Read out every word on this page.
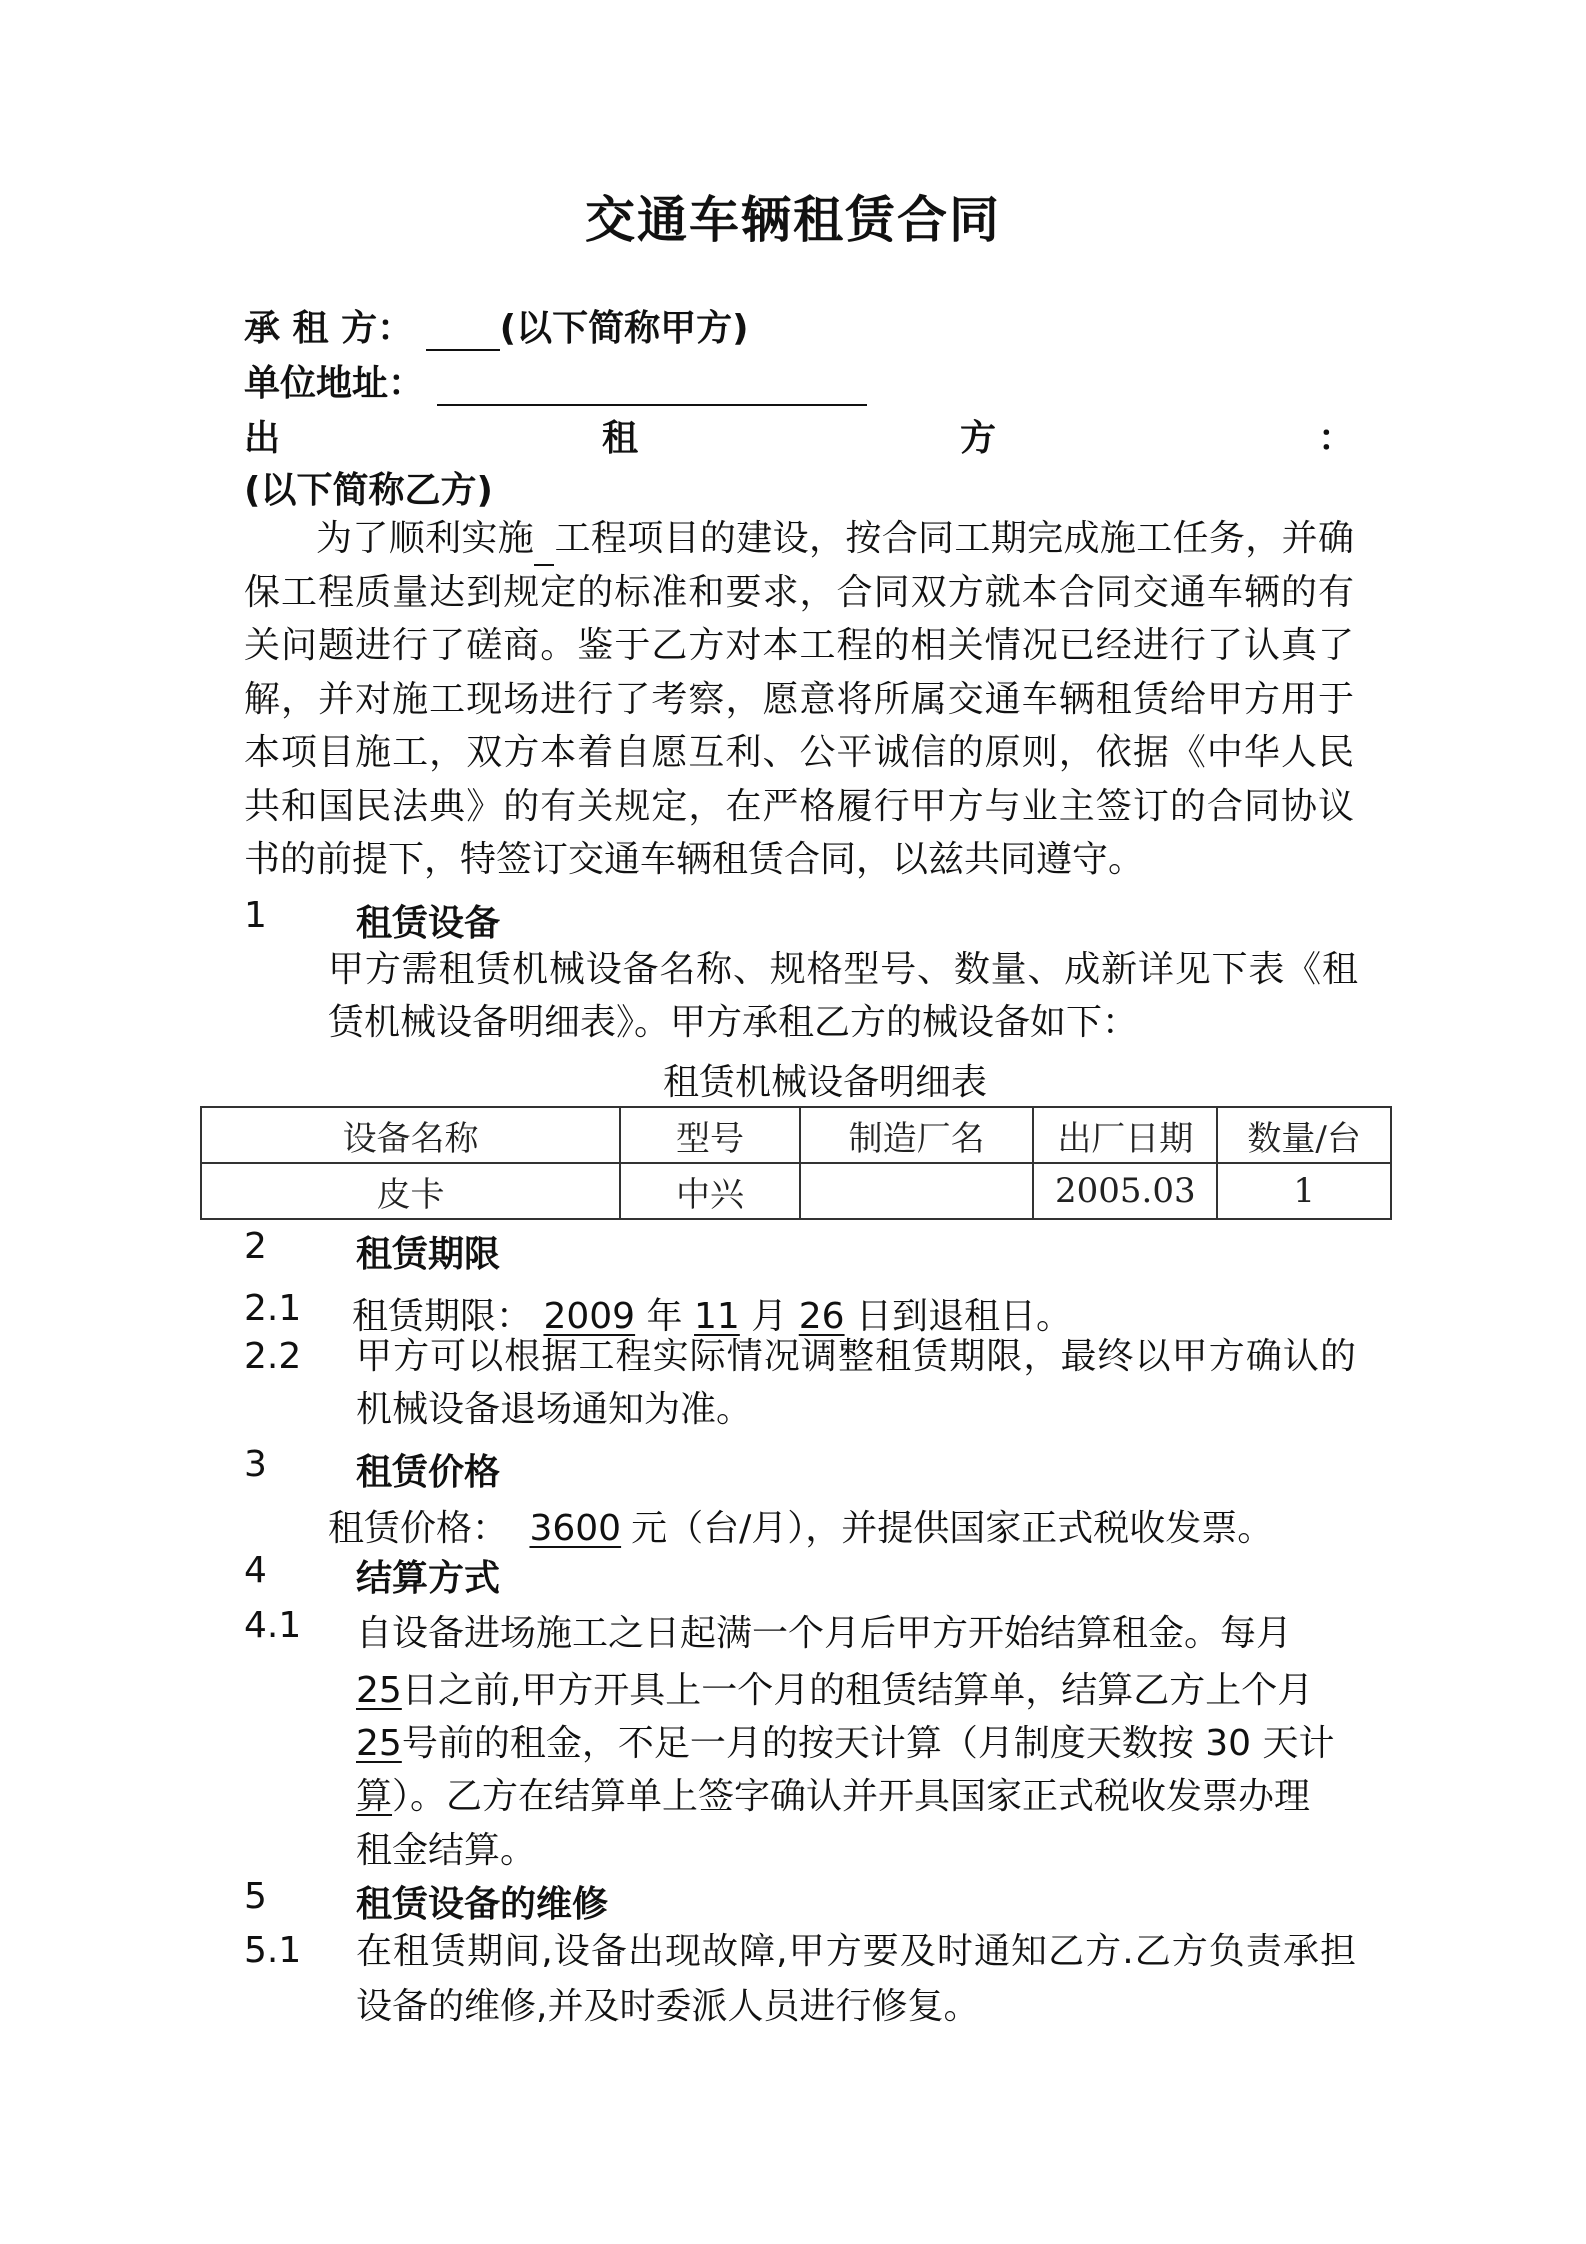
交通车辆租赁合同
承 租 方： (以下简称甲方)
单位地址：
出	租	方	：
(以下简称乙方)
为了顺利实施 工程项目的建设，按合同工期完成施工任务，并确保工程质量达到规定的标准和要求，合同双方就本合同交通车辆的有关问题进行了磋商。鉴于乙方对本工程的相关情况已经进行了认真了解，并对施工现场进行了考察，愿意将所属交通车辆租赁给甲方用于本项目施工，双方本着自愿互利、公平诚信的原则，依据《中华人民共和国民法典》的有关规定，在严格履行甲方与业主签订的合同协议书的前提下，特签订交通车辆租赁合同，以兹共同遵守。
1 租赁设备
甲方需租赁机械设备名称、规格型号、数量、成新详见下表《租赁机械设备明细表》。甲方承租乙方的械设备如下：
租赁机械设备明细表
设备名称	型号	制造厂名	出厂日期	数量/台
皮卡	中兴		2005.03	1
2 租赁期限
2.1 租赁期限： 2009 年 11 月 26 日到退租日。
2.2 甲方可以根据工程实际情况调整租赁期限，最终以甲方确认的机械设备退场通知为准。
3 租赁价格
租赁价格： 3600 元（台/月），并提供国家正式税收发票。
4 结算方式
4.1 自设备进场施工之日起满一个月后甲方开始结算租金。每月
25日之前,甲方开具上一个月的租赁结算单，结算乙方上个月
25号前的租金，不足一月的按天计算（月制度天数按 30 天计
算）。乙方在结算单上签字确认并开具国家正式税收发票办理
租金结算。
5 租赁设备的维修
5.1 在租赁期间,设备出现故障,甲方要及时通知乙方.乙方负责承担设备的维修,并及时委派人员进行修复。
